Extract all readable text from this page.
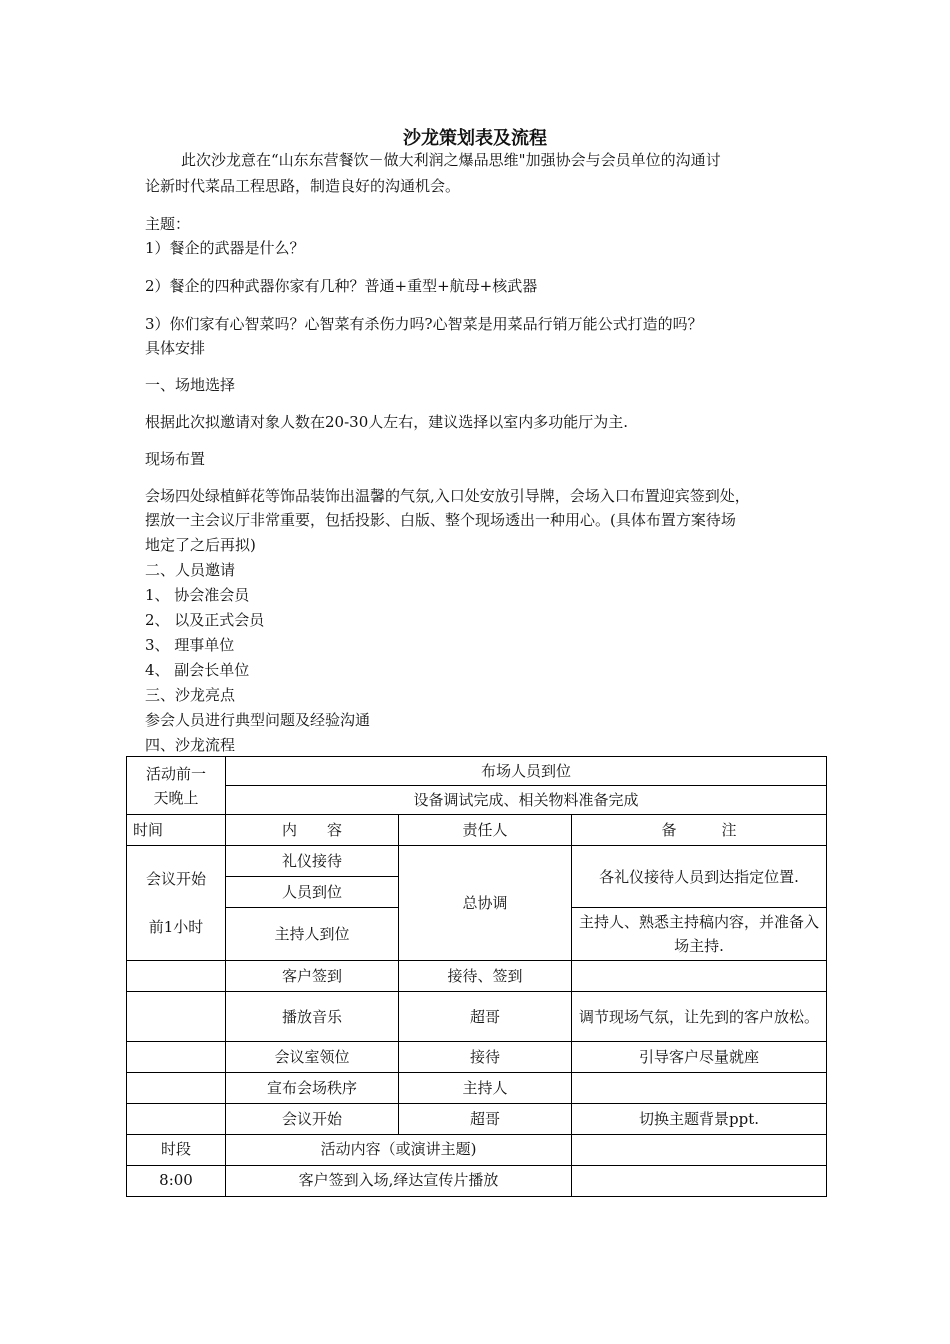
沙龙策划表及流程
此次沙龙意在“山东东营餐饮－做大利润之爆品思维"加强协会与会员单位的沟通讨
论新时代菜品工程思路，制造良好的沟通机会。
主题：
1）餐企的武器是什么？
2）餐企的四种武器你家有几种？普通+重型+航母+核武器
3）你们家有心智菜吗？心智菜有杀伤力吗?心智菜是用菜品行销万能公式打造的吗？
具体安排
一、场地选择
根据此次拟邀请对象人数在20-30人左右，建议选择以室内多功能厅为主.
现场布置
会场四处绿植鲜花等饰品装饰出温馨的气氛,入口处安放引导牌，会场入口布置迎宾签到处，
摆放一主会议厅非常重要，包括投影、白版、整个现场透出一种用心。(具体布置方案待场
地定了之后再拟)
二、人员邀请
1、 协会准会员
2、 以及正式会员
3、 理事单位
4、 副会长单位
三、沙龙亮点
参会人员进行典型问题及经验沟通
四、沙龙流程
活动前一
天晚上	布场人员到位		
	设备调试完成、相关物料准备完成		
时间	内　　容	责任人	备　　　注
会议开始
前1小时	礼仪接待	总协调	各礼仪接待人员到达指定位置.
	人员到位		
	主持人到位		主持人、熟悉主持稿内容，并准备入场主持.
	客户签到	接待、签到	
	播放音乐	超哥	调节现场气氛，让先到的客户放松。
	会议室领位	接待	引导客户尽量就座
	宣布会场秩序	主持人	
	会议开始	超哥	切换主题背景ppt.
时段	活动内容（或演讲主题)		
8:00	客户签到入场,绎达宣传片播放		
